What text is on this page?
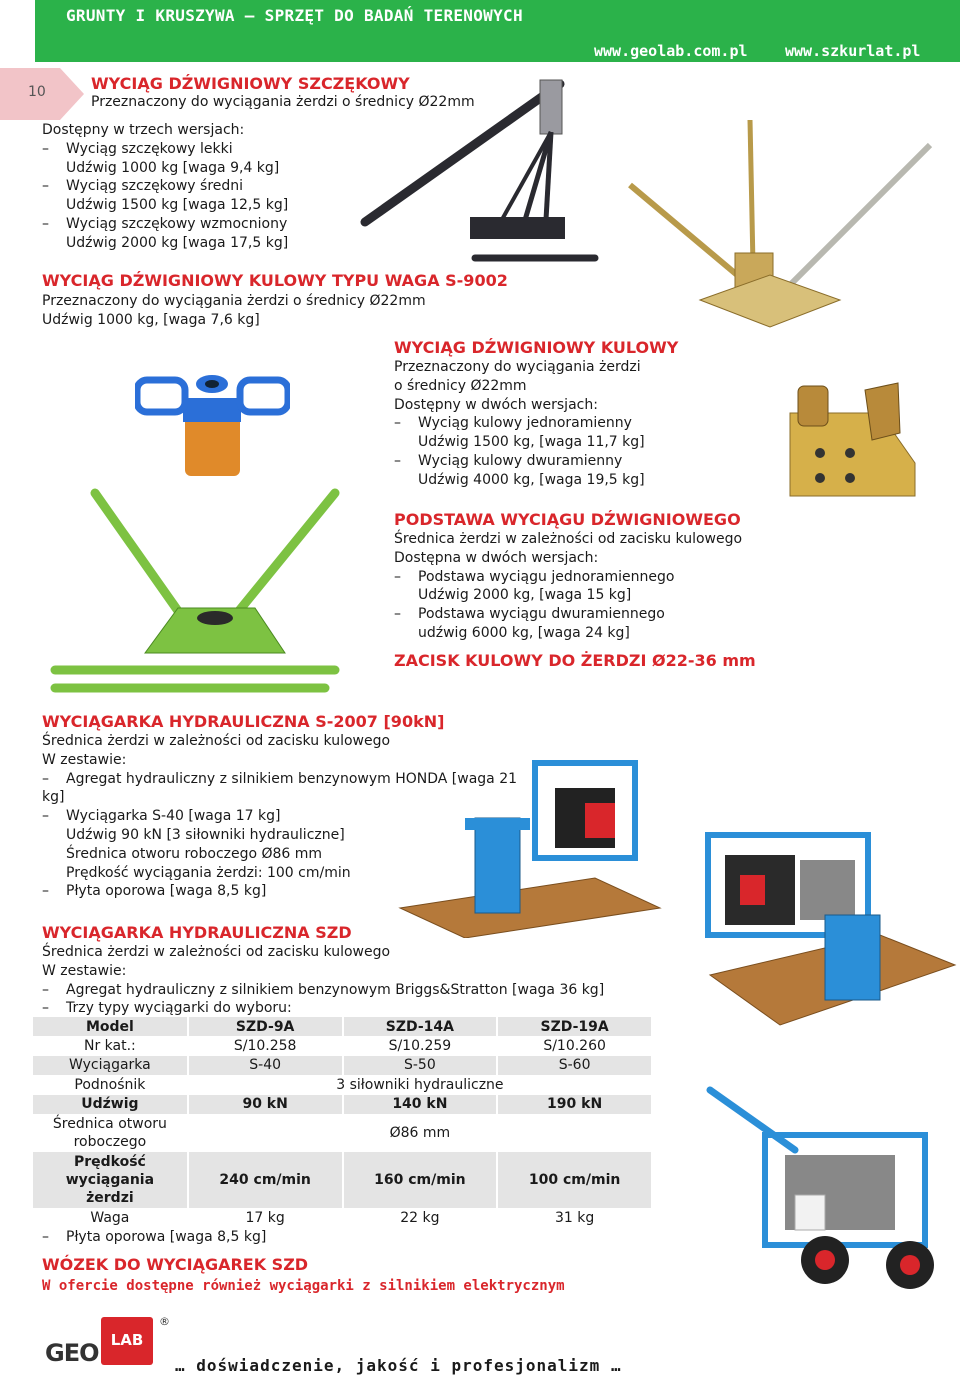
GRUNTY I KRUSZYWA – SPRZĘT DO BADAŃ TERENOWYCH
www.geolab.com.pl www.szkurlat.pl
10	WYCIĄG DŹWIGNIOWY SZCZĘKOWY
Przeznaczony do wyciągania żerdzi o średnicy Ø22mm
Dostępny w trzech wersjach:
– Wyciąg szczękowy lekki
Udźwig 1000 kg [waga 9,4 kg]
– Wyciąg szczękowy średni
Udźwig 1500 kg [waga 12,5 kg]
– Wyciąg szczękowy wzmocniony
Udźwig 2000 kg [waga 17,5 kg]
WYCIĄG DŹWIGNIOWY KULOWY TYPU WAGA S-9002
Przeznaczony do wyciągania żerdzi o średnicy Ø22mm
Udźwig 1000 kg, [waga 7,6 kg]
WYCIĄG DŹWIGNIOWY KULOWY
Przeznaczony do wyciągania żerdzi
o średnicy Ø22mm
Dostępny w dwóch wersjach:
– Wyciąg kulowy jednoramienny
Udźwig 1500 kg, [waga 11,7 kg]
– Wyciąg kulowy dwuramienny
Udźwig 4000 kg, [waga 19,5 kg]
PODSTAWA WYCIĄGU DŹWIGNIOWEGO
Średnica żerdzi w zależności od zacisku kulowego
Dostępna w dwóch wersjach:
– Podstawa wyciągu jednoramiennego
Udźwig 2000 kg, [waga 15 kg]
– Podstawa wyciągu dwuramiennego
udźwig 6000 kg, [waga 24 kg]
ZACISK KULOWY DO ŻERDZI Ø22-36 mm
WYCIĄGARKA HYDRAULICZNA S-2007 [90kN]
Średnica żerdzi w zależności od zacisku kulowego
W zestawie:
– Agregat hydrauliczny z silnikiem benzynowym HONDA [waga 21 kg]
– Wyciągarka S-40 [waga 17 kg]
Udźwig 90 kN [3 siłowniki hydrauliczne]
Średnica otworu roboczego Ø86 mm
Prędkość wyciągania żerdzi: 100 cm/min
– Płyta oporowa [waga 8,5 kg]
WYCIĄGARKA HYDRAULICZNA SZD
Średnica żerdzi w zależności od zacisku kulowego
W zestawie:
– Agregat hydrauliczny z silnikiem benzynowym Briggs&Stratton [waga 36 kg]
– Trzy typy wyciągarki do wyboru:
Model	SZD-9A	SZD-14A	SZD-19A
Nr kat.:	S/10.258	S/10.259	S/10.260
Wyciągarka	S-40	S-50	S-60
Podnośnik	3 siłowniki hydrauliczne		
Udźwig	90 kN	140 kN	190 kN

Średnica otworu
roboczego	Ø86 mm		

Prędkość
wyciągania
żerdzi	240 cm/min	160 cm/min	100 cm/min
Waga	17 kg	22 kg	31 kg
– Płyta oporowa [waga 8,5 kg]
WÓZEK DO WYCIĄGAREK SZD
W ofercie dostępne również wyciągarki z silnikiem elektrycznym
GEO LAB
®
… doświadczenie, jakość i profesjonalizm …
